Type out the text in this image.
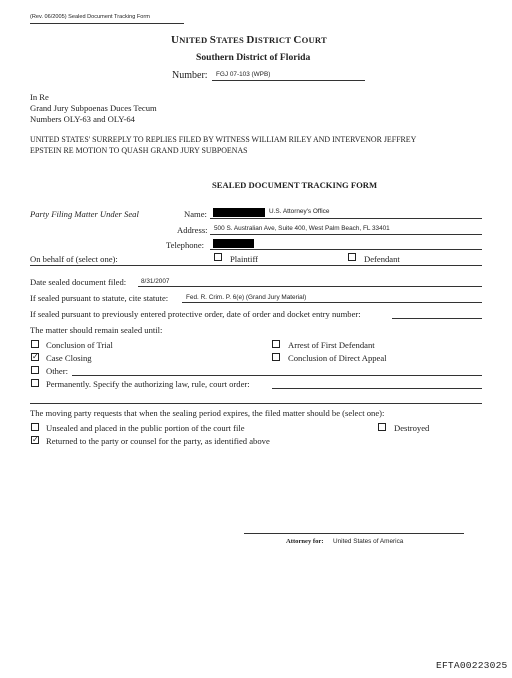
(Rev. 06/2005) Sealed Document Tracking Form
UNITED STATES DISTRICT COURT
Southern District of Florida
Number: FGJ 07-103 (WPB)
In Re
Grand Jury Subpoenas Duces Tecum
Numbers OLY-63 and OLY-64
UNITED STATES' SURREPLY TO REPLIES FILED BY WITNESS WILLIAM RILEY AND INTERVENOR JEFFREY
EPSTEIN RE MOTION TO QUASH GRAND JURY SUBPOENAS
SEALED DOCUMENT TRACKING FORM
Party Filing Matter Under Seal	Name:	U.S. Attorney's Office
Address: 500 S. Australian Ave, Suite 400, West Palm Beach, FL 33401
Telephone:
On behalf of (select one):	Plaintiff	Defendant
Date sealed document filed: 8/31/2007
If sealed pursuant to statute, cite statute:	Fed. R. Crim. P. 6(e) (Grand Jury Material)
If sealed pursuant to previously entered protective order, date of order and docket entry number:
The matter should remain sealed until:
Conclusion of Trial	Arrest of First Defendant
✓ Case Closing	Conclusion of Direct Appeal
Other:
Permanently. Specify the authorizing law, rule, court order:
The moving party requests that when the sealing period expires, the filed matter should be (select one):
Unsealed and placed in the public portion of the court file	Destroyed
✓ Returned to the party or counsel for the party, as identified above
Attorney for: United States of America
EFTA00223025
